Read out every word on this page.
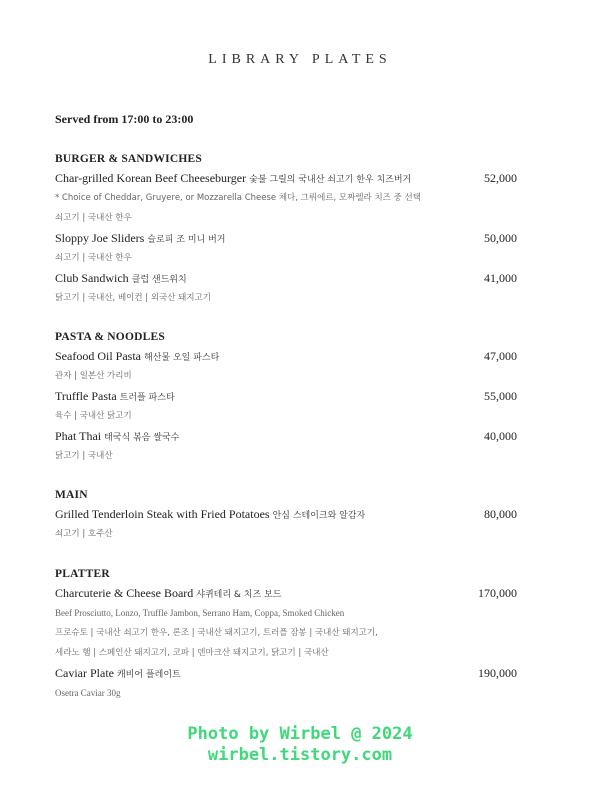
LIBRARY PLATES
Served from 17:00 to 23:00
BURGER & SANDWICHES
Char-grilled Korean Beef Cheeseburger 숯불 그릴의 국내산 쇠고기 한우 치즈버거	52,000
* Choice of Cheddar, Gruyere, or Mozzarella Cheese 체다, 그뤼에르, 모짜렐라 치즈 중 선택
쇠고기 | 국내산 한우
Sloppy Joe Sliders 슬로피 조 미니 버거	50,000
쇠고기 | 국내산 한우
Club Sandwich 클럽 샌드위치	41,000
닭고기 | 국내산, 베이컨 | 외국산 돼지고기
PASTA & NOODLES
Seafood Oil Pasta 해산물 오일 파스타	47,000
관자 | 일본산 가리비
Truffle Pasta 트러플 파스타	55,000
육수 | 국내산 닭고기
Phat Thai 태국식 볶음 쌀국수	40,000
닭고기 | 국내산
MAIN
Grilled Tenderloin Steak with Fried Potatoes 안심 스테이크와 알감자	80,000
쇠고기 | 호주산
PLATTER
Charcuterie & Cheese Board 샤퀴테리 & 치즈 보드	170,000
Beef Prosciutto, Lonzo, Truffle Jambon, Serrano Ham, Coppa, Smoked Chicken
프로슈토 | 국내산 쇠고기 한우, 론조 | 국내산 돼지고기, 트러플 잠봉 | 국내산 돼지고기,
세라노 햄 | 스페인산 돼지고기, 코파 | 덴마크산 돼지고기, 닭고기 | 국내산
Caviar Plate 캐비어 플레이트	190,000
Osetra Caviar 30g
Photo by Wirbel @ 2024
wirbel.tistory.com
